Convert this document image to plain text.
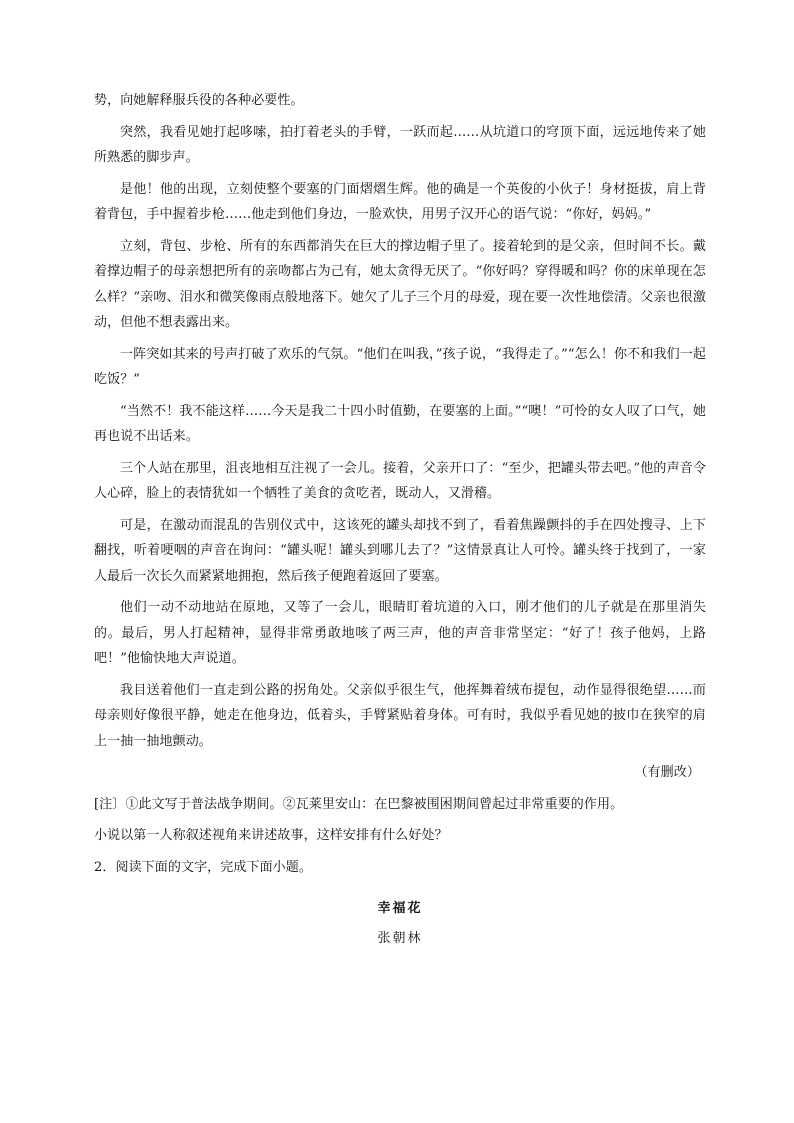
势，向她解释服兵役的各种必要性。

突然，我看见她打起哆嗦，拍打着老头的手臂，一跃而起……从坑道口的穹顶下面，远远地传来了她所熟悉的脚步声。

是他！他的出现，立刻使整个要塞的门面熠熠生辉。他的确是一个英俊的小伙子！身材挺拔，肩上背着背包，手中握着步枪……他走到他们身边，一脸欢快，用男子汉开心的语气说：“你好，妈妈。”

立刻，背包、步枪、所有的东西都消失在巨大的撑边帽子里了。接着轮到的是父亲，但时间不长。戴着撑边帽子的母亲想把所有的亲吻都占为己有，她太贪得无厌了。“你好吗？穿得暖和吗？你的床单现在怎么样？”亲吻、泪水和微笑像雨点般地落下。她欠了儿子三个月的母爱，现在要一次性地偿清。父亲也很激动，但他不想表露出来。

一阵突如其来的号声打破了欢乐的气氛。“他们在叫我，”孩子说，“我得走了。”“怎么！你不和我们一起吃饭？”

“当然不！我不能这样……今天是我二十四小时值勤，在要塞的上面。”“噢！”可怜的女人叹了口气，她再也说不出话来。

三个人站在那里，沮丧地相互注视了一会儿。接着，父亲开口了：“至少，把罐头带去吧。”他的声音令人心碎，脸上的表情犹如一个牺牲了美食的贪吃者，既动人，又滑稽。

可是，在激动而混乱的告别仪式中，这该死的罐头却找不到了，看着焦躁颤抖的手在四处搜寻、上下翻找，听着哽咽的声音在询问：“罐头呢！罐头到哪儿去了？”这情景真让人可怜。罐头终于找到了，一家人最后一次长久而紧紧地拥抱，然后孩子便跑着返回了要塞。

他们一动不动地站在原地，又等了一会儿，眼睛盯着坑道的入口，刚才他们的儿子就是在那里消失的。最后，男人打起精神，显得非常勇敢地咳了两三声，他的声音非常坚定：“好了！孩子他妈，上路吧！”他愉快地大声说道。

我目送着他们一直走到公路的拐角处。父亲似乎很生气，他挥舞着绒布提包，动作显得很绝望……而母亲则好像很平静，她走在他身边，低着头，手臂紧贴着身体。可有时，我似乎看见她的披巾在狭窄的肩上一抽一抽地颤动。

（有删改）

[注〕①此文写于普法战争期间。②瓦莱里安山：在巴黎被围困期间曾起过非常重要的作用。

小说以第一人称叙述视角来讲述故事，这样安排有什么好处？

2．阅读下面的文字，完成下面小题。

幸福花

张朝林
